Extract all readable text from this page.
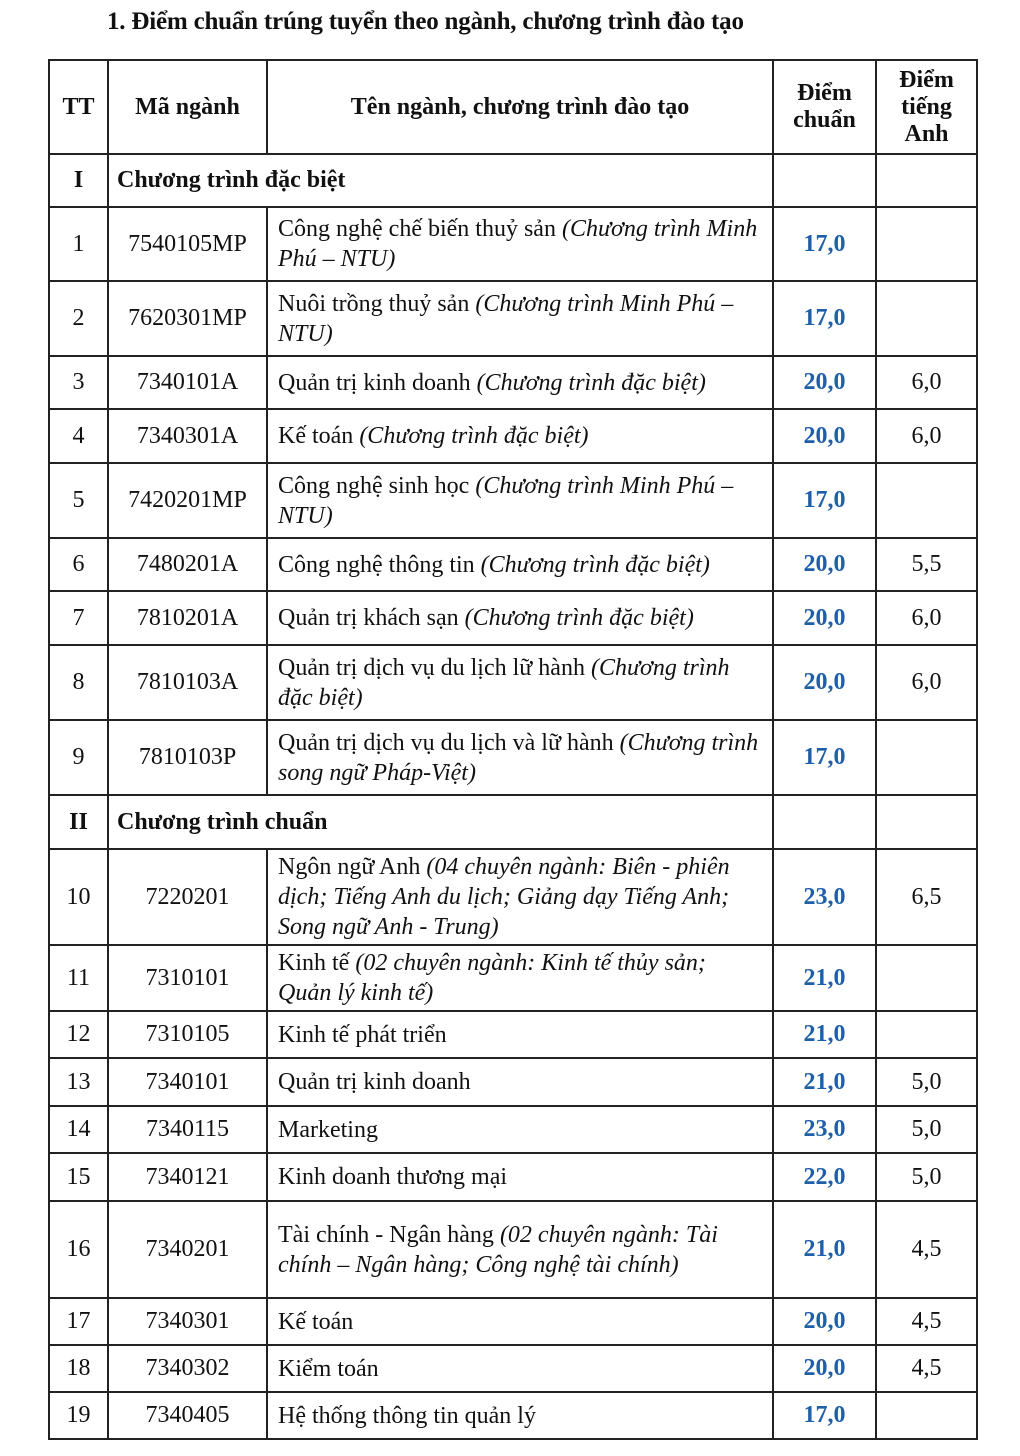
1. Điểm chuẩn trúng tuyển theo ngành, chương trình đào tạo
TT	Mã ngành	Tên ngành, chương trình đào tạo	Điểm chuẩn	Điểm tiếng Anh
I	Chương trình đặc biệt			
1	7540105MP	Công nghệ chế biến thuỷ sản (Chương trình Minh Phú – NTU)	17,0	
2	7620301MP	Nuôi trồng thuỷ sản (Chương trình Minh Phú – NTU)	17,0	
3	7340101A	Quản trị kinh doanh (Chương trình đặc biệt)	20,0	6,0
4	7340301A	Kế toán (Chương trình đặc biệt)	20,0	6,0
5	7420201MP	Công nghệ sinh học (Chương trình Minh Phú – NTU)	17,0	
6	7480201A	Công nghệ thông tin (Chương trình đặc biệt)	20,0	5,5
7	7810201A	Quản trị khách sạn (Chương trình đặc biệt)	20,0	6,0
8	7810103A	Quản trị dịch vụ du lịch lữ hành (Chương trình đặc biệt)	20,0	6,0
9	7810103P	Quản trị dịch vụ du lịch và lữ hành (Chương trình song ngữ Pháp-Việt)	17,0	
II	Chương trình chuẩn			
10	7220201	Ngôn ngữ Anh (04 chuyên ngành: Biên - phiên dịch; Tiếng Anh du lịch; Giảng dạy Tiếng Anh; Song ngữ Anh - Trung)	23,0	6,5
11	7310101	Kinh tế (02 chuyên ngành: Kinh tế thủy sản; Quản lý kinh tế)	21,0	
12	7310105	Kinh tế phát triển	21,0	
13	7340101	Quản trị kinh doanh	21,0	5,0
14	7340115	Marketing	23,0	5,0
15	7340121	Kinh doanh thương mại	22,0	5,0
16	7340201	Tài chính - Ngân hàng (02 chuyên ngành: Tài chính – Ngân hàng; Công nghệ tài chính)	21,0	4,5
17	7340301	Kế toán	20,0	4,5
18	7340302	Kiểm toán	20,0	4,5
19	7340405	Hệ thống thông tin quản lý	17,0	
